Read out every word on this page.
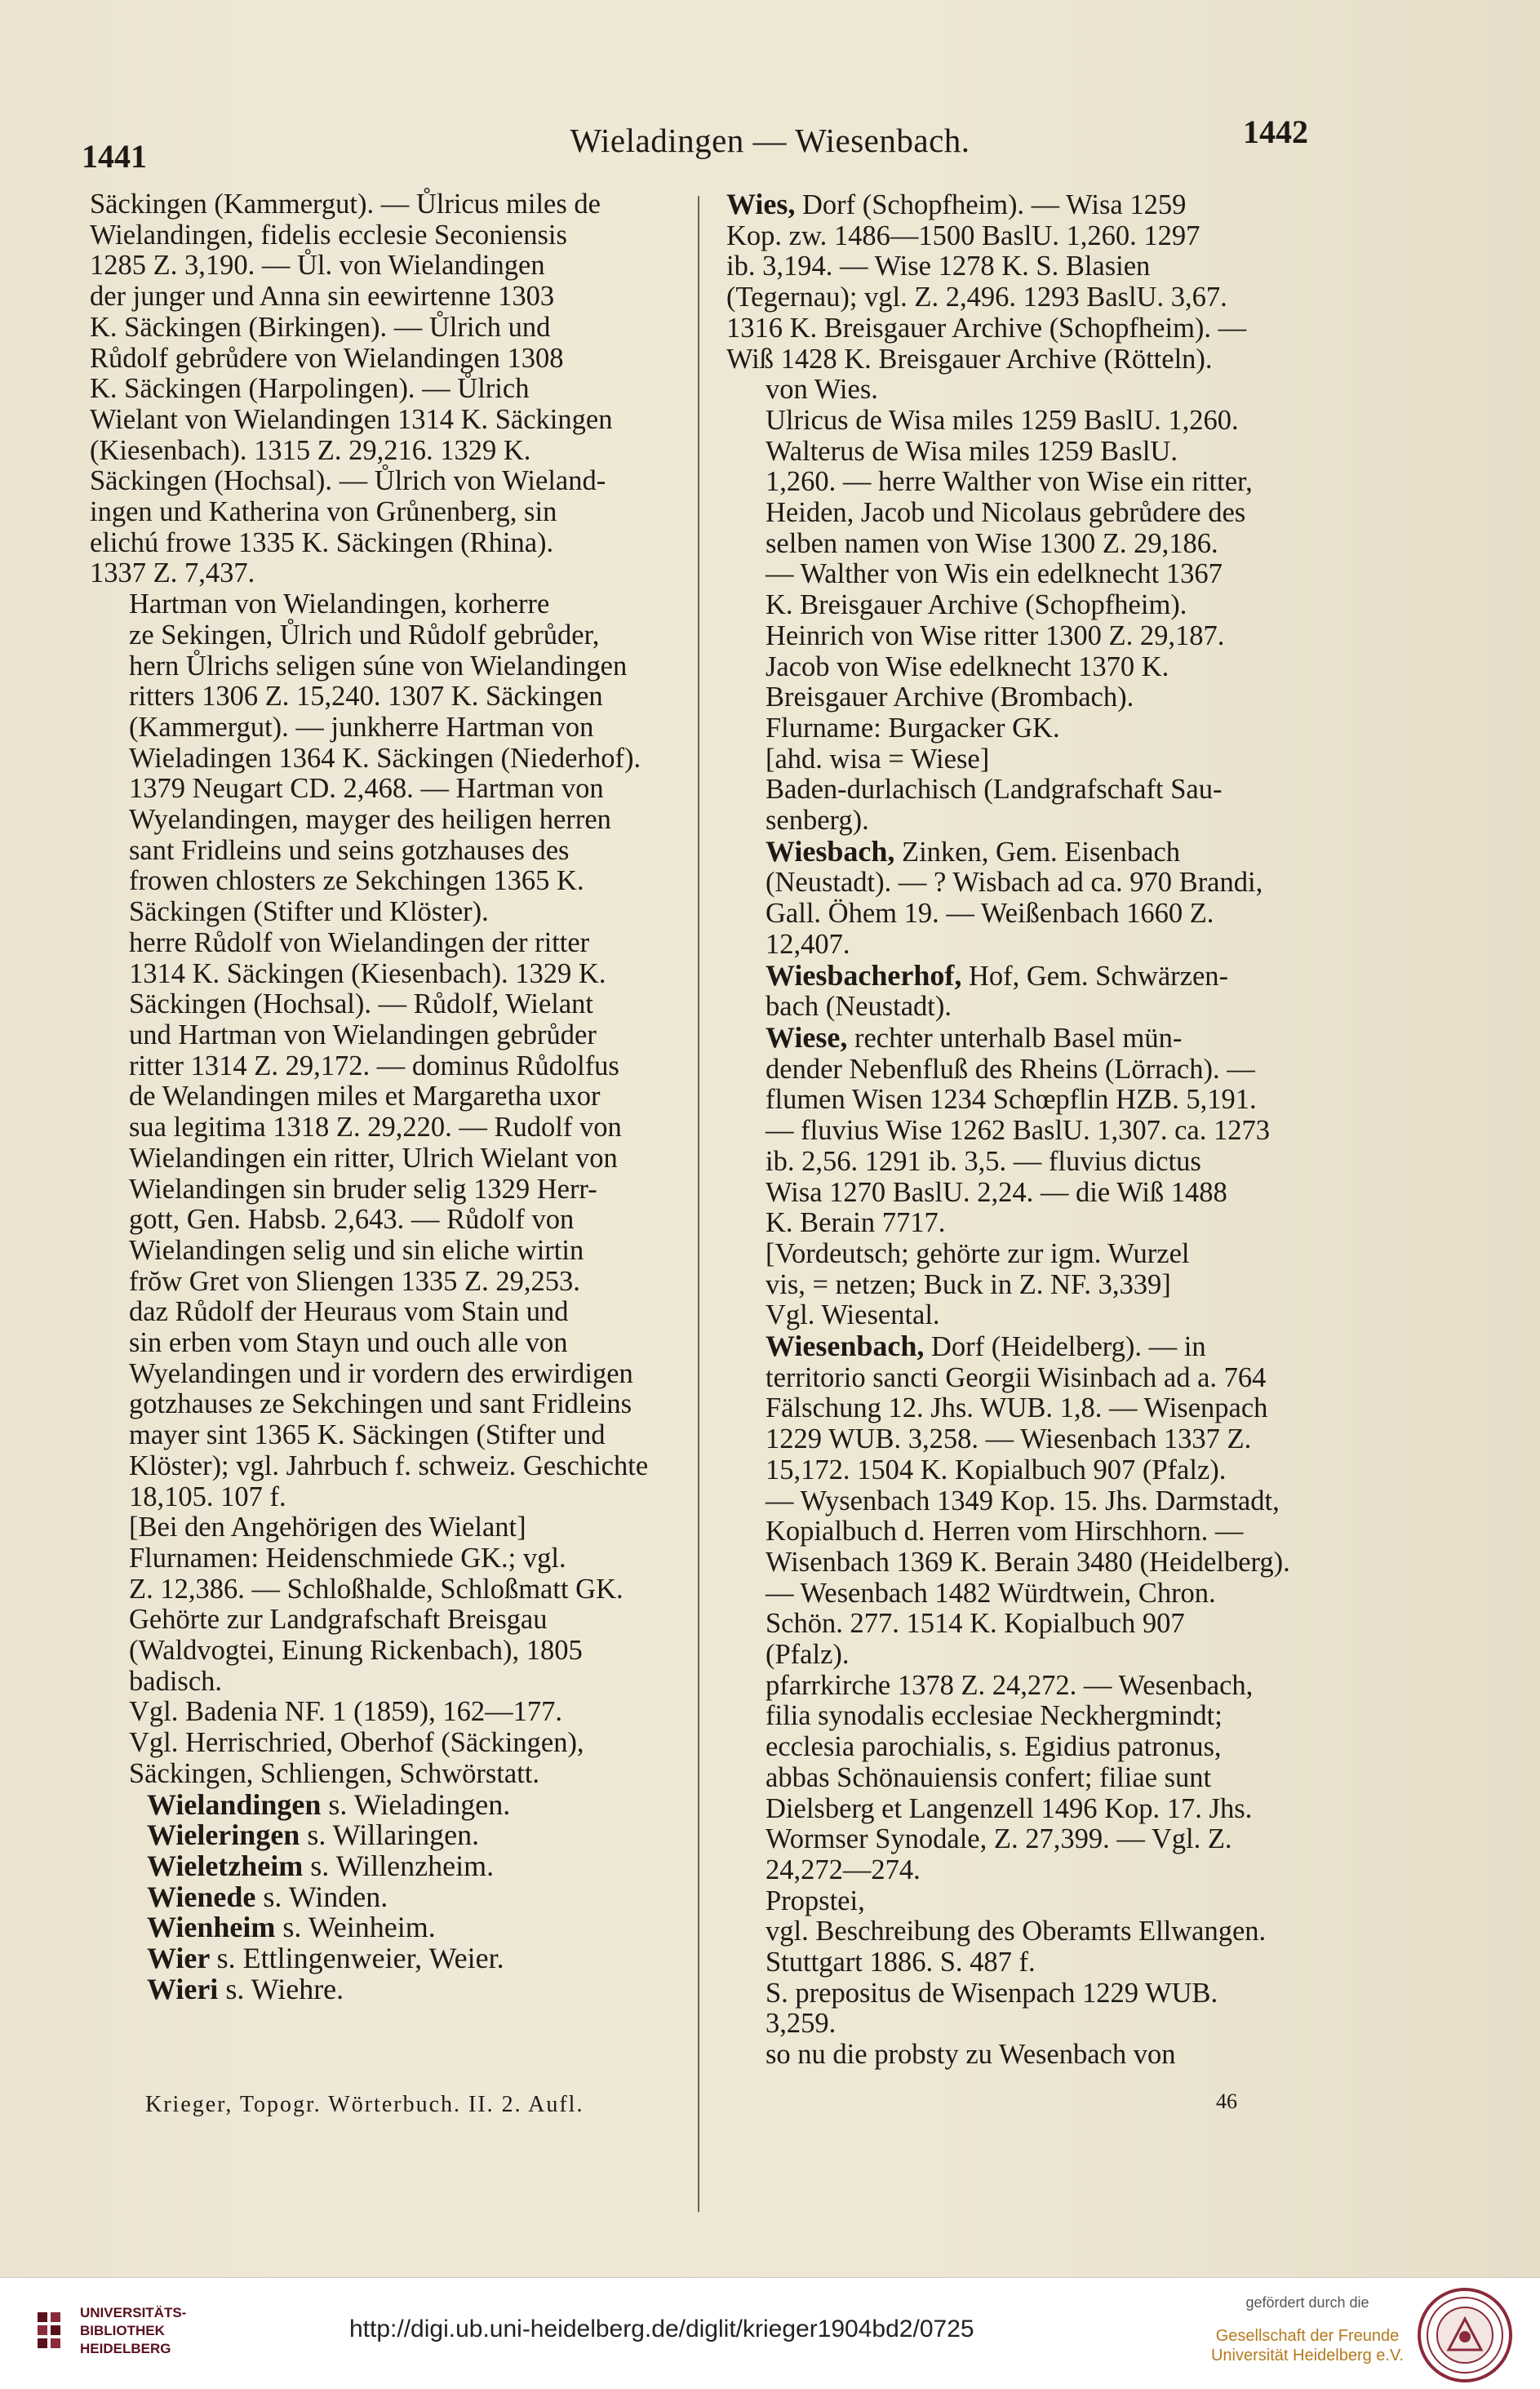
1441	Wieladingen — Wiesenbach.	1442

Säckingen (Kammergut). — Ůlricus miles de
Wielandingen, fidelis ecclesie Seconiensis
1285 Z. 3,190. — Ůl. von Wielandingen
der junger und Anna sin eewirtenne 1303
K. Säckingen (Birkingen). — Ůlrich und
Růdolf gebrůdere von Wielandingen 1308
K. Säckingen (Harpolingen). — Ůlrich
Wielant von Wielandingen 1314 K. Säckingen
(Kiesenbach). 1315 Z. 29,216. 1329 K.
Säckingen (Hochsal). — Ůlrich von Wieland-
ingen und Katherina von Grůnenberg, sin
elichú frowe 1335 K. Säckingen (Rhina).
1337 Z. 7,437.

Hartman von Wielandingen, korherre
ze Sekingen, Ůlrich und Růdolf gebrůder,
hern Ůlrichs seligen súne von Wielandingen
ritters 1306 Z. 15,240. 1307 K. Säckingen
(Kammergut). — junkherre Hartman von
Wieladingen 1364 K. Säckingen (Niederhof).
1379 Neugart CD. 2,468. — Hartman von
Wyelandingen, mayger des heiligen herren
sant Fridleins und seins gotzhauses des
frowen chlosters ze Sekchingen 1365 K.
Säckingen (Stifter und Klöster).

herre Růdolf von Wielandingen der ritter
1314 K. Säckingen (Kiesenbach). 1329 K.
Säckingen (Hochsal). — Růdolf, Wielant
und Hartman von Wielandingen gebrůder
ritter 1314 Z. 29,172. — dominus Růdolfus
de Welandingen miles et Margaretha uxor
sua legitima 1318 Z. 29,220. — Rudolf von
Wielandingen ein ritter, Ulrich Wielant von
Wielandingen sin bruder selig 1329 Herr-
gott, Gen. Habsb. 2,643. — Růdolf von
Wielandingen selig und sin eliche wirtin
frŏw Gret von Sliengen 1335 Z. 29,253.

daz Růdolf der Heuraus vom Stain und
sin erben vom Stayn und ouch alle von
Wyelandingen und ir vordern des erwirdigen
gotzhauses ze Sekchingen und sant Fridleins
mayer sint 1365 K. Säckingen (Stifter und
Klöster); vgl. Jahrbuch f. schweiz. Geschichte
18,105. 107 f.

[Bei den Angehörigen des Wielant]

Flurnamen: Heidenschmiede GK.; vgl.
Z. 12,386. — Schloßhalde, Schloßmatt GK.

Gehörte zur Landgrafschaft Breisgau
(Waldvogtei, Einung Rickenbach), 1805
badisch.

Vgl. Badenia NF. 1 (1859), 162—177.

Vgl. Herrischried, Oberhof (Säckingen),
Säckingen, Schliengen, Schwörstatt.

Wielandingen s. Wieladingen.

Wieleringen s. Willaringen.

Wieletzheim s. Willenzheim.

Wienede s. Winden.

Wienheim s. Weinheim.

Wier s. Ettlingenweier, Weier.

Wieri s. Wiehre.

Wies, Dorf (Schopfheim). — Wisa 1259
Kop. zw. 1486—1500 BaslU. 1,260. 1297
ib. 3,194. — Wise 1278 K. S. Blasien
(Tegernau); vgl. Z. 2,496. 1293 BaslU. 3,67.
1316 K. Breisgauer Archive (Schopfheim). —
Wiß 1428 K. Breisgauer Archive (Rötteln).

von Wies.

Ulricus de Wisa miles 1259 BaslU. 1,260.

Walterus de Wisa miles 1259 BaslU.
1,260. — herre Walther von Wise ein ritter,
Heiden, Jacob und Nicolaus gebrůdere des
selben namen von Wise 1300 Z. 29,186.
— Walther von Wis ein edelknecht 1367
K. Breisgauer Archive (Schopfheim).

Heinrich von Wise ritter 1300 Z. 29,187.

Jacob von Wise edelknecht 1370 K.
Breisgauer Archive (Brombach).

Flurname: Burgacker GK.

[ahd. wisa = Wiese]

Baden-durlachisch (Landgrafschaft Sau-
senberg).

Wiesbach, Zinken, Gem. Eisenbach
(Neustadt). — ? Wisbach ad ca. 970 Brandi,
Gall. Öhem 19. — Weißenbach 1660 Z.
12,407.

Wiesbacherhof, Hof, Gem. Schwärzen-
bach (Neustadt).

Wiese, rechter unterhalb Basel mün-
dender Nebenfluß des Rheins (Lörrach). —
flumen Wisen 1234 Schœpflin HZB. 5,191.
— fluvius Wise 1262 BaslU. 1,307. ca. 1273
ib. 2,56. 1291 ib. 3,5. — fluvius dictus
Wisa 1270 BaslU. 2,24. — die Wiß 1488
K. Berain 7717.

[Vordeutsch; gehörte zur igm. Wurzel
vis, = netzen; Buck in Z. NF. 3,339]

Vgl. Wiesental.

Wiesenbach, Dorf (Heidelberg). — in
territorio sancti Georgii Wisinbach ad a. 764
Fälschung 12. Jhs. WUB. 1,8. — Wisenpach
1229 WUB. 3,258. — Wiesenbach 1337 Z.
15,172. 1504 K. Kopialbuch 907 (Pfalz).
— Wysenbach 1349 Kop. 15. Jhs. Darmstadt,
Kopialbuch d. Herren vom Hirschhorn. —
Wisenbach 1369 K. Berain 3480 (Heidelberg).
— Wesenbach 1482 Würdtwein, Chron.
Schön. 277. 1514 K. Kopialbuch 907
(Pfalz).

pfarrkirche 1378 Z. 24,272. — Wesenbach,
filia synodalis ecclesiae Neckhergmindt;
ecclesia parochialis, s. Egidius patronus,
abbas Schönauiensis confert; filiae sunt
Dielsberg et Langenzell 1496 Kop. 17. Jhs.
Wormser Synodale, Z. 27,399. — Vgl. Z.
24,272—274.

Propstei,

vgl. Beschreibung des Oberamts Ellwangen.
Stuttgart 1886. S. 487 f.

S. prepositus de Wisenpach 1229 WUB.
3,259.

so nu die probsty zu Wesenbach von

Krieger, Topogr. Wörterbuch. II. 2. Aufl.	46
UNIVERSITÄTS-
BIBLIOTHEK
HEIDELBERG
http://digi.ub.uni-heidelberg.de/diglit/krieger1904bd2/0725
gefördert durch die
Gesellschaft der Freunde
Universität Heidelberg e.V.
